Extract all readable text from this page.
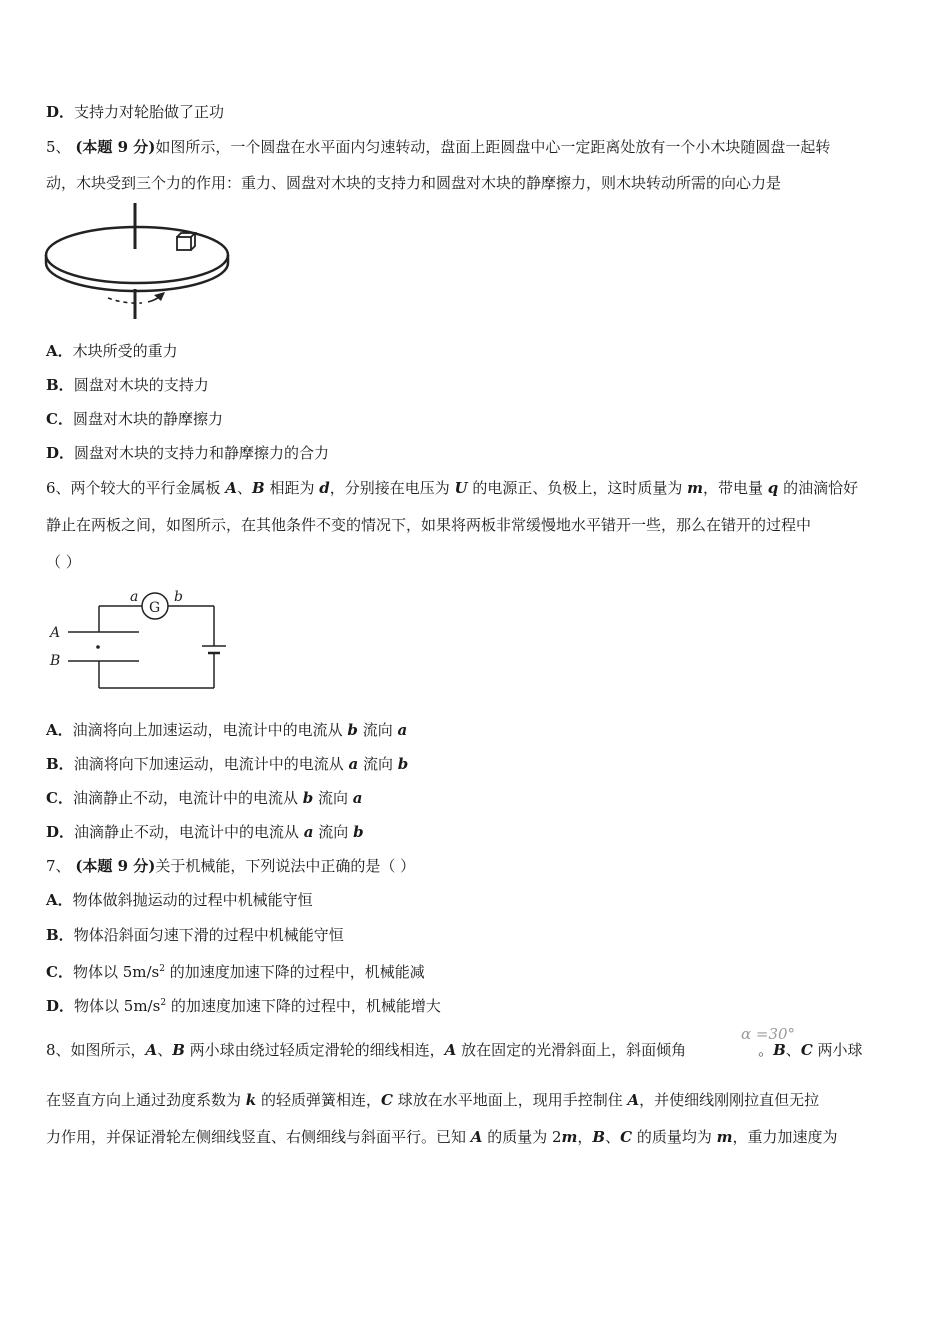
D．支持力对轮胎做了正功
5、 (本题 9 分)如图所示，一个圆盘在水平面内匀速转动，盘面上距圆盘中心一定距离处放有一个小木块随圆盘一起转
动，木块受到三个力的作用：重力、圆盘对木块的支持力和圆盘对木块的静摩擦力，则木块转动所需的向心力是
A．木块所受的重力
B．圆盘对木块的支持力
C．圆盘对木块的静摩擦力
D．圆盘对木块的支持力和静摩擦力的合力
6、两个较大的平行金属板 A、B 相距为 d，分别接在电压为 U 的电源正、负极上，这时质量为 m，带电量 q 的油滴恰好
静止在两板之间，如图所示，在其他条件不变的情况下，如果将两板非常缓慢地水平错开一些，那么在错开的过程中
（ ）
a	b
G
A
B
A．油滴将向上加速运动，电流计中的电流从 b 流向 a
B．油滴将向下加速运动，电流计中的电流从 a 流向 b
C．油滴静止不动，电流计中的电流从 b 流向 a
D．油滴静止不动，电流计中的电流从 a 流向 b
7、 (本题 9 分)关于机械能，下列说法中正确的是（ ）
A．物体做斜抛运动的过程中机械能守恒
B．物体沿斜面匀速下滑的过程中机械能守恒
C．物体以 $5m/s^2$ 的加速度加速下降的过程中，机械能减
D．物体以 $5m/s^2$ 的加速度加速下降的过程中，机械能增大
8、如图所示，A、B 两小球由绕过轻质定滑轮的细线相连，A 放在固定的光滑斜面上，斜面倾角	。B、C 两小球
α =30°
在竖直方向上通过劲度系数为 k 的轻质弹簧相连，C 球放在水平地面上，现用手控制住 A，并使细线刚刚拉直但无拉
力作用，并保证滑轮左侧细线竖直、右侧细线与斜面平行。已知 A 的质量为 2m，B、C 的质量均为 m，重力加速度为
